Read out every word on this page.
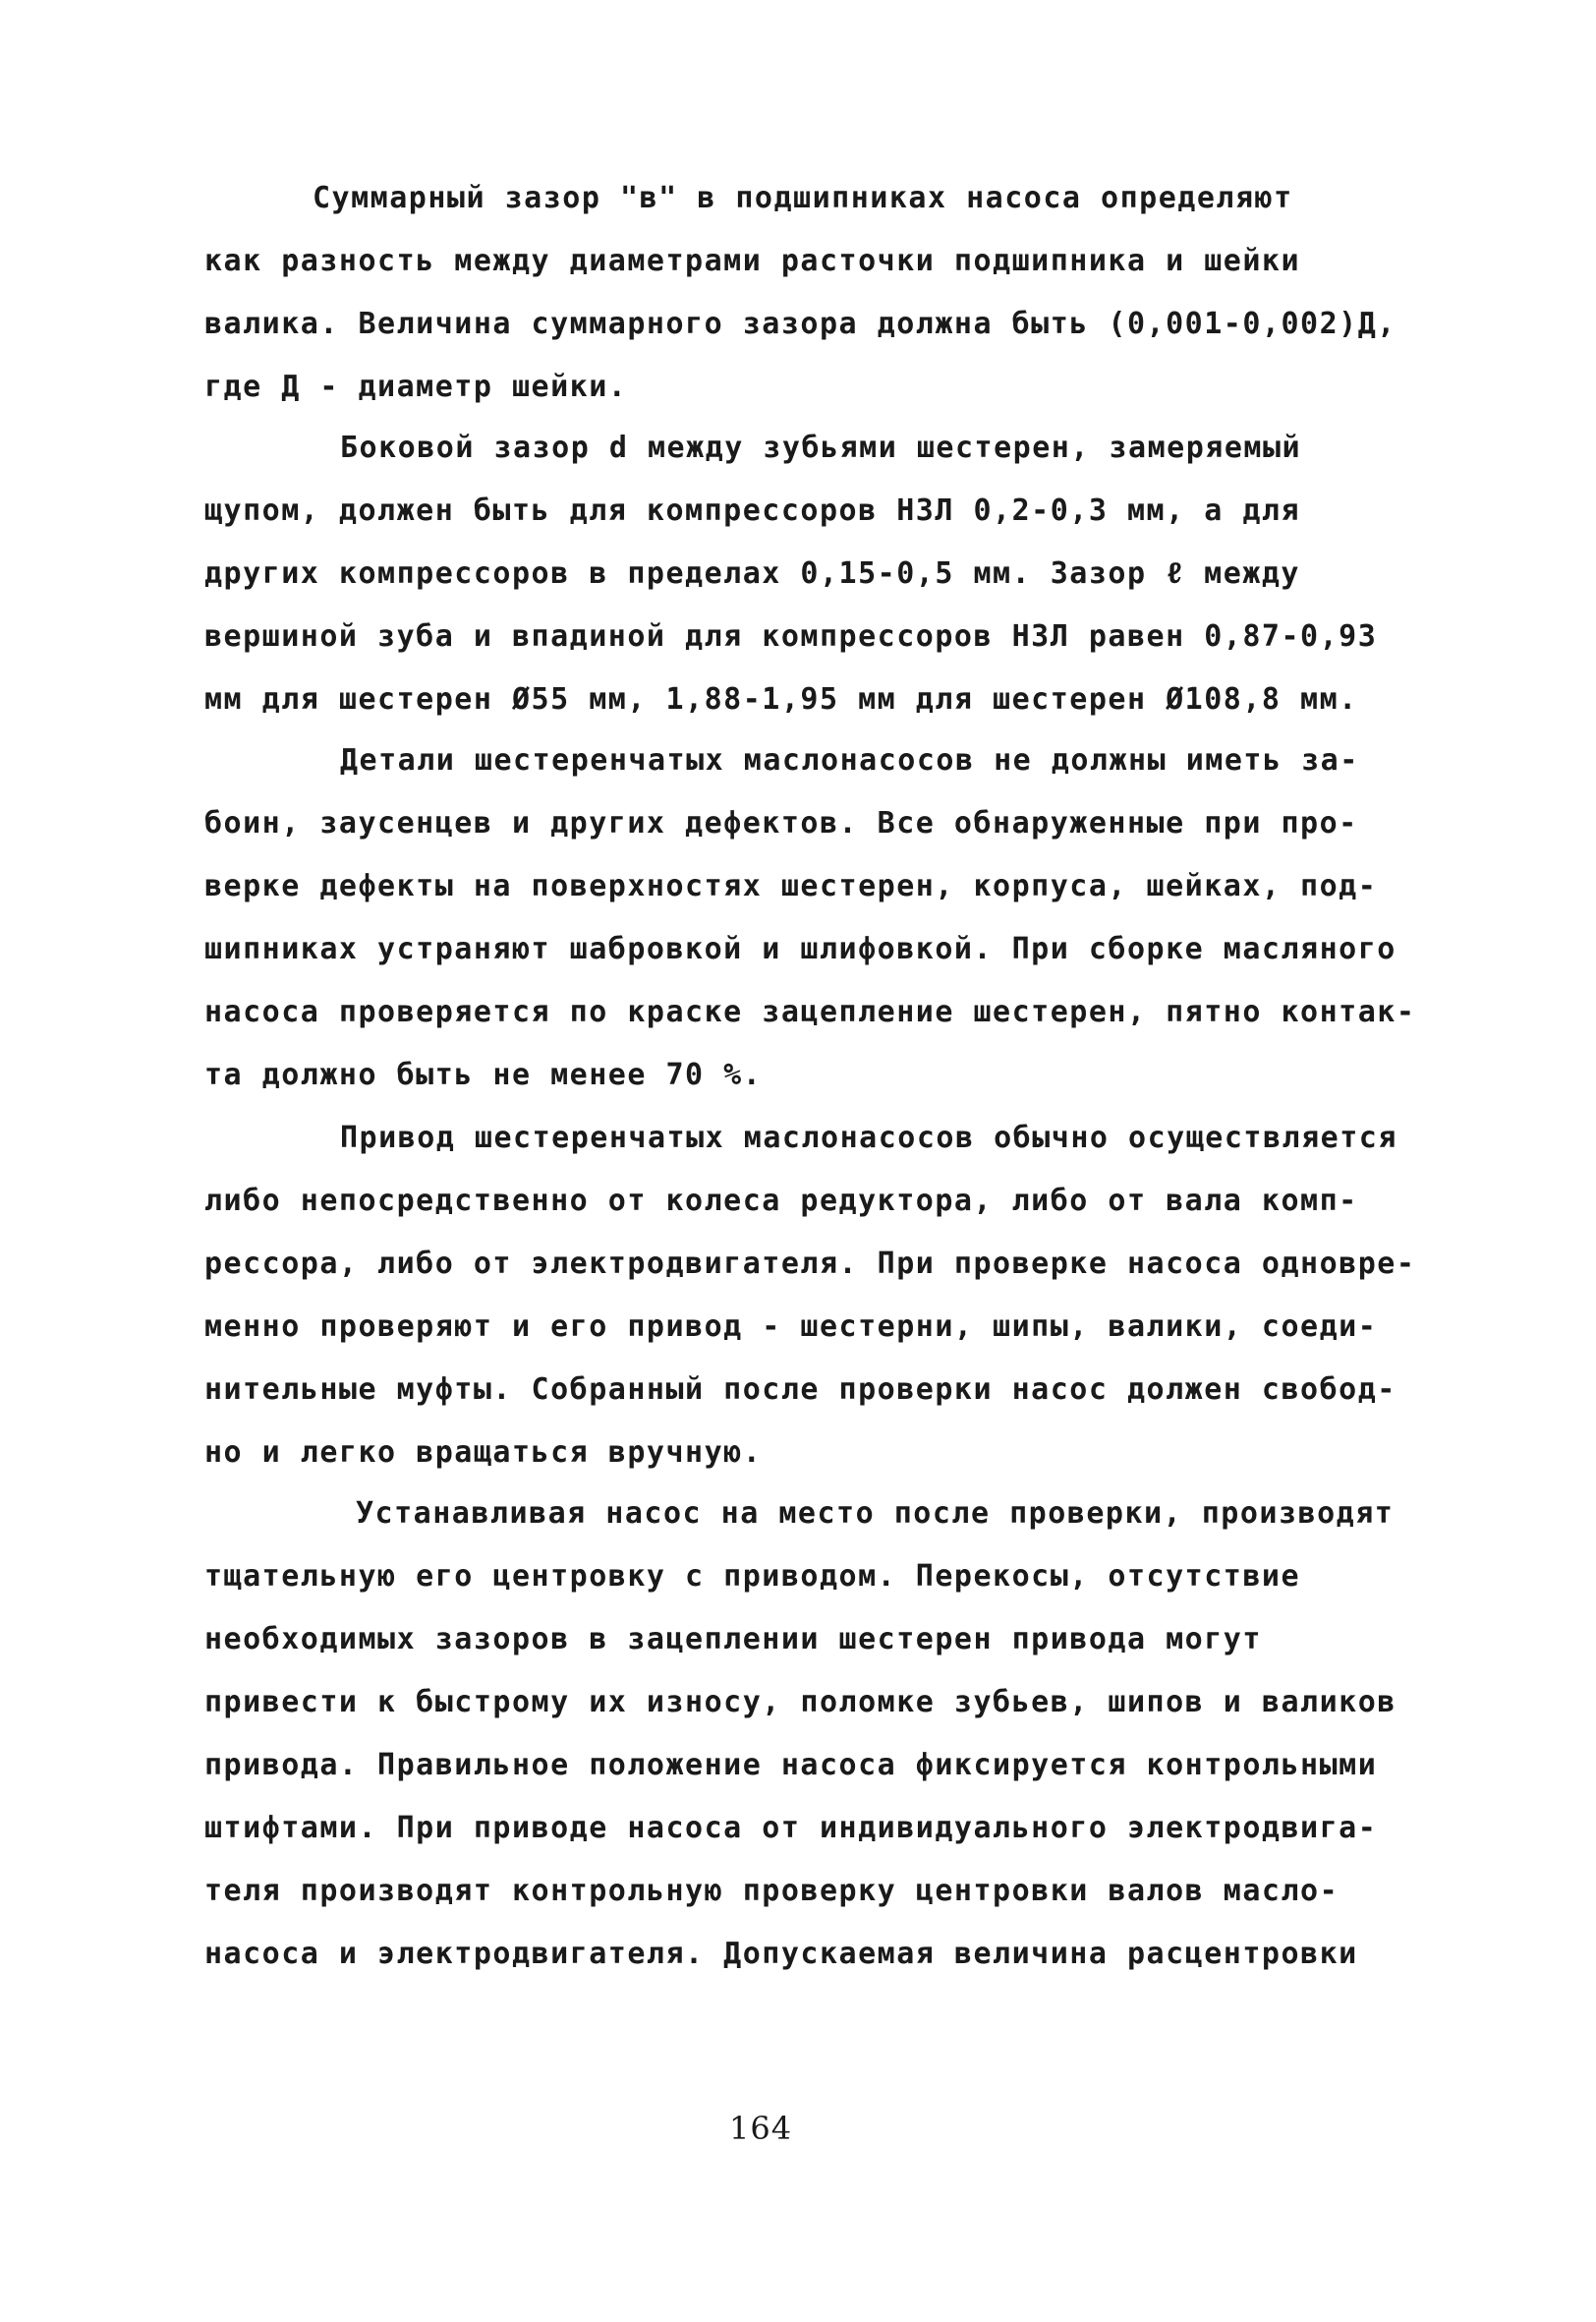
Суммарный зазор "в" в подшипниках насоса определяют
как разность между диаметрами расточки подшипника и шейки
валика. Величина суммарного зазора должна быть (0,001-0,002)Д,
где Д - диаметр шейки.
Боковой зазор d между зубьями шестерен, замеряемый
щупом, должен быть для компрессоров НЗЛ 0,2-0,3 мм, а для
других компрессоров в пределах 0,15-0,5 мм. Зазор ℓ между
вершиной зуба и впадиной для компрессоров НЗЛ равен 0,87-0,93
мм для шестерен Ø55 мм, 1,88-1,95 мм для шестерен Ø108,8 мм.
Детали шестеренчатых маслонасосов не должны иметь за-
боин, заусенцев и других дефектов. Все обнаруженные при про-
верке дефекты на поверхностях шестерен, корпуса, шейках, под-
шипниках устраняют шабровкой и шлифовкой. При сборке масляного
насоса проверяется по краске зацепление шестерен, пятно контак-
та должно быть не менее 70 %.
Привод шестеренчатых маслонасосов обычно осуществляется
либо непосредственно от колеса редуктора, либо от вала комп-
рессора, либо от электродвигателя. При проверке насоса одновре-
менно проверяют и его привод - шестерни, шипы, валики, соеди-
нительные муфты. Собранный после проверки насос должен свобод-
но и легко вращаться вручную.
Устанавливая насос на место после проверки, производят
тщательную его центровку с приводом. Перекосы, отсутствие
необходимых зазоров в зацеплении шестерен привода могут
привести к быстрому их износу, поломке зубьев, шипов и валиков
привода. Правильное положение насоса фиксируется контрольными
штифтами. При приводе насоса от индивидуального электродвига-
теля производят контрольную проверку центровки валов масло-
насоса и электродвигателя. Допускаемая величина расцентровки
164
